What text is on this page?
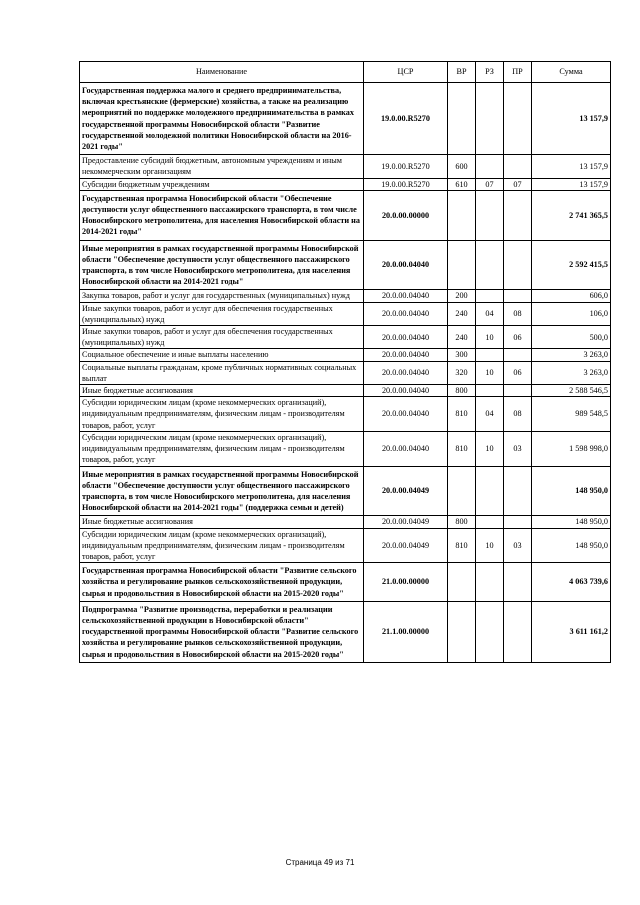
Наименование	ЦСР	ВР	РЗ	ПР	Сумма
Государственная поддержка малого и среднего предпринимательства, включая крестьянские (фермерские) хозяйства, а также на реализацию мероприятий по поддержке молодежного предпринимательства в рамках государственной программы Новосибирской области "Развитие государственной молодежной политики Новосибирской области на 2016-2021 годы"	19.0.00.R5270				13 157,9
Предоставление субсидий бюджетным, автономным учреждениям и иным некоммерческим организациям	19.0.00.R5270	600			13 157,9
Субсидии бюджетным учреждениям	19.0.00.R5270	610	07	07	13 157,9
Государственная программа Новосибирской области "Обеспечение доступности услуг общественного пассажирского транспорта, в том числе Новосибирского метрополитена, для населения Новосибирской области на 2014-2021 годы"	20.0.00.00000				2 741 365,5
Иные мероприятия в рамках государственной программы Новосибирской области "Обеспечение доступности услуг общественного пассажирского транспорта, в том числе Новосибирского метрополитена, для населения Новосибирской области на 2014-2021 годы"	20.0.00.04040				2 592 415,5
Закупка товаров, работ и услуг для государственных (муниципальных) нужд	20.0.00.04040	200			606,0
Иные закупки товаров, работ и услуг для обеспечения государственных (муниципальных) нужд	20.0.00.04040	240	04	08	106,0
Иные закупки товаров, работ и услуг для обеспечения государственных (муниципальных) нужд	20.0.00.04040	240	10	06	500,0
Социальное обеспечение и иные выплаты населению	20.0.00.04040	300			3 263,0
Социальные выплаты гражданам, кроме публичных нормативных социальных выплат	20.0.00.04040	320	10	06	3 263,0
Иные бюджетные ассигнования	20.0.00.04040	800			2 588 546,5
Субсидии юридическим лицам (кроме некоммерческих организаций), индивидуальным предпринимателям, физическим лицам - производителям товаров, работ, услуг	20.0.00.04040	810	04	08	989 548,5
Субсидии юридическим лицам (кроме некоммерческих организаций), индивидуальным предпринимателям, физическим лицам - производителям товаров, работ, услуг	20.0.00.04040	810	10	03	1 598 998,0
Иные мероприятия в рамках государственной программы Новосибирской области "Обеспечение доступности услуг общественного пассажирского транспорта, в том числе Новосибирского метрополитена, для населения Новосибирской области на 2014-2021 годы" (поддержка семьи и детей)	20.0.00.04049				148 950,0
Иные бюджетные ассигнования	20.0.00.04049	800			148 950,0
Субсидии юридическим лицам (кроме некоммерческих организаций), индивидуальным предпринимателям, физическим лицам - производителям товаров, работ, услуг	20.0.00.04049	810	10	03	148 950,0
Государственная программа Новосибирской области "Развитие сельского хозяйства и регулирование рынков сельскохозяйственной продукции, сырья и продовольствия в Новосибирской области на 2015-2020 годы"	21.0.00.00000				4 063 739,6
Подпрограмма "Развитие производства, переработки и реализации сельскохозяйственной продукции в Новосибирской области" государственной программы Новосибирской области "Развитие сельского хозяйства и регулирование рынков сельскохозяйственной продукции, сырья и продовольствия в Новосибирской области на 2015-2020 годы"	21.1.00.00000				3 611 161,2
Страница 49 из 71
